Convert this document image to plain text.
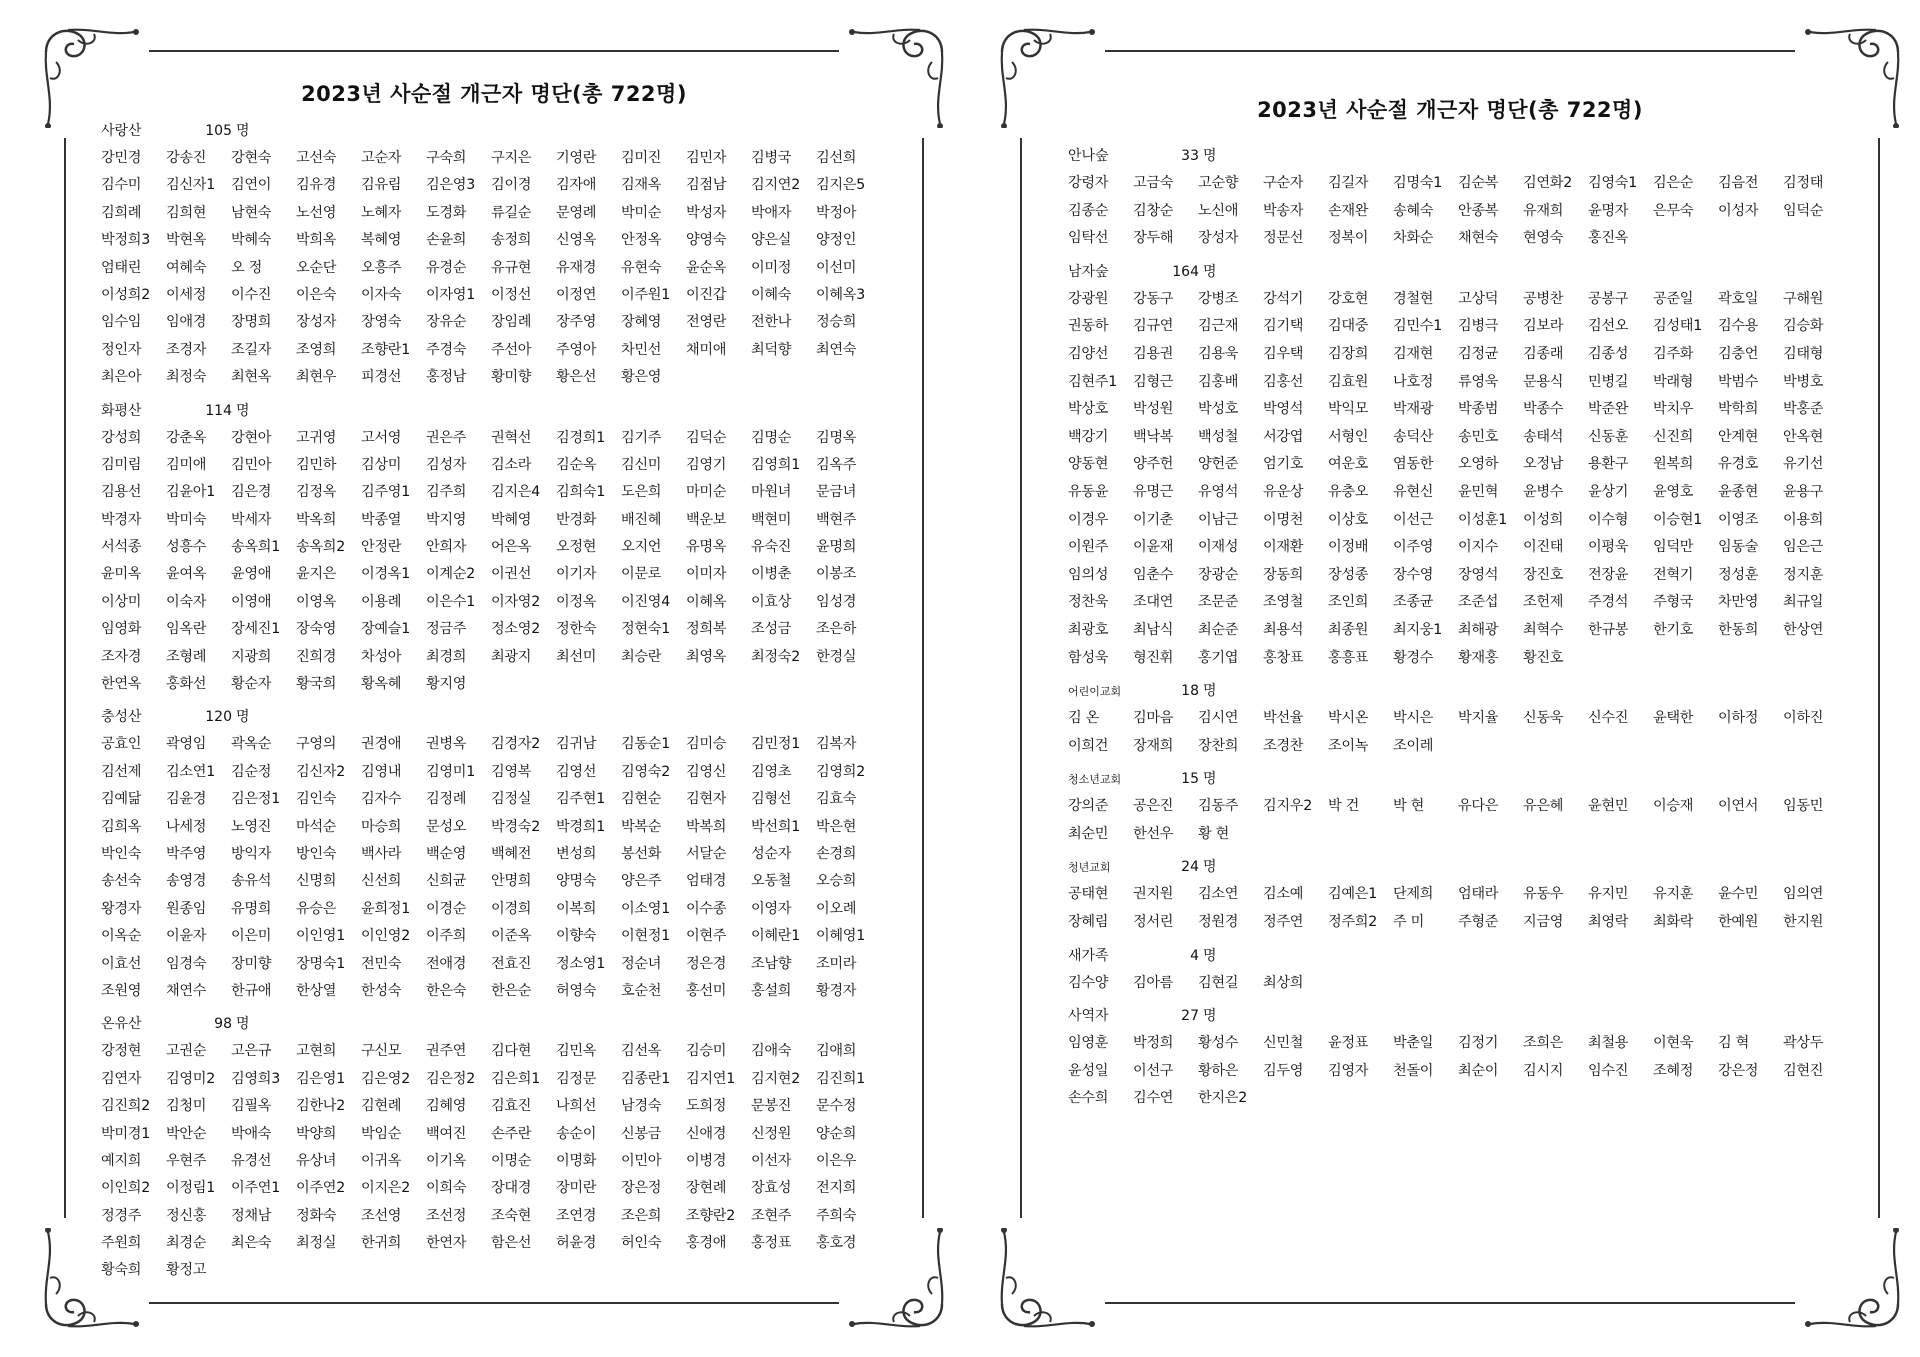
2023년 사순절 개근자 명단(총 722명)
사랑산	105 명
강민경	강송진	강현숙	고선숙	고순자	구숙희	구지은	기영란	김미진	김민자	김병국	김선희
김수미	김신자1	김연이	김유경	김유림	김은영3	김이경	김자애	김재옥	김점남	김지연2	김지은5
김희례	김희현	남현숙	노선영	노혜자	도경화	류길순	문영례	박미순	박성자	박애자	박정아
박정희3	박현옥	박혜숙	박희옥	복혜영	손윤희	송정희	신영옥	안정옥	양영숙	양은실	양정인
엄태린	여혜숙	오 정	오순단	오흥주	유경순	유규현	유재경	유현숙	윤순옥	이미정	이선미
이성희2	이세정	이수진	이은숙	이자숙	이자영1	이정선	이정연	이주원1	이진갑	이혜숙	이혜옥3
임수임	임애경	장명희	장성자	장영숙	장유순	장임례	장주영	장혜영	전영란	전한나	정승희
정인자	조경자	조길자	조영희	조향란1	주경숙	주선아	주영아	차민선	채미애	최덕향	최연숙
최은아	최정숙	최현옥	최현우	피경선	홍정남	황미향	황은선	황은영
화평산	114 명
강성희	강춘옥	강현아	고귀영	고서영	권은주	권혁선	김경희1	김기주	김덕순	김명순	김명옥
김미림	김미애	김민아	김민하	김상미	김성자	김소라	김순옥	김신미	김영기	김영희1	김옥주
김용선	김윤아1	김은경	김정옥	김주영1	김주희	김지은4	김희숙1	도은희	마미순	마원녀	문금녀
박경자	박미숙	박세자	박옥희	박종열	박지영	박혜영	반경화	배진혜	백운보	백현미	백현주
서석종	성흥수	송옥희1	송옥희2	안정란	안희자	어은옥	오정현	오지언	유명옥	유숙진	윤명희
윤미옥	윤여옥	윤영애	윤지은	이경옥1	이계순2	이권선	이기자	이문로	이미자	이병춘	이봉조
이상미	이숙자	이영애	이영옥	이용례	이은수1	이자영2	이정옥	이진영4	이혜옥	이효상	임성경
임영화	임옥란	장세진1	장숙영	장예슬1	정금주	정소영2	정한숙	정현숙1	정희복	조성금	조은하
조자경	조형례	지광희	진희경	차성아	최경희	최광지	최선미	최승란	최영옥	최정숙2	한경실
한연옥	홍화선	황순자	황국희	황옥혜	황지영
충성산	120 명
공효인	곽영임	곽옥순	구영의	권경애	권병옥	김경자2	김귀남	김동순1	김미승	김민정1	김복자
김선제	김소연1	김순정	김신자2	김영내	김영미1	김영복	김영선	김영숙2	김영신	김영초	김영희2
김예닮	김윤경	김은정1	김인숙	김자수	김정례	김정실	김주현1	김현순	김현자	김형선	김효숙
김희옥	나세정	노영진	마석순	마승희	문성오	박경숙2	박경희1	박복순	박복희	박선희1	박은현
박인숙	박주영	방익자	방인숙	백사라	백순영	백혜전	변성희	봉선화	서달순	성순자	손경희
송선숙	송영경	송유석	신명희	신선희	신희균	안명희	양명숙	양은주	엄태경	오동철	오승희
왕경자	원종임	유명희	유승은	윤희정1	이경순	이경희	이복희	이소영1	이수종	이영자	이오례
이옥순	이윤자	이은미	이인영1	이인영2	이주희	이준옥	이향숙	이현정1	이현주	이혜란1	이혜영1
이효선	임경숙	장미향	장명숙1	전민숙	전애경	전효진	정소영1	정순녀	정은경	조남향	조미라
조원영	채연수	한규애	한상열	한성숙	한은숙	한은순	허영숙	호순천	홍선미	홍설희	황경자
온유산	98 명
강정현	고권순	고은규	고현희	구신모	권주연	김다현	김민옥	김선옥	김승미	김애숙	김애희
김연자	김영미2	김영희3	김은영1	김은영2	김은정2	김은희1	김정문	김종란1	김지연1	김지현2	김진희1
김진희2	김청미	김필옥	김한나2	김현례	김혜영	김효진	나희선	남경숙	도희정	문봉진	문수정
박미경1	박안순	박애숙	박양희	박임순	백여진	손주란	송순이	신봉금	신애경	신정원	양순희
예지희	우현주	유경선	유상녀	이귀옥	이기옥	이명순	이명화	이민아	이병경	이선자	이은우
이인희2	이정림1	이주연1	이주연2	이지은2	이희숙	장대경	장미란	장은정	장현례	장효성	전지희
정경주	정신홍	정채남	정화숙	조선영	조선정	조숙현	조연경	조은희	조향란2	조현주	주희숙
주원희	최경순	최은숙	최정실	한귀희	한연자	함은선	허윤경	허인숙	홍경애	홍정표	홍호경
황숙희	황정고
2023년 사순절 개근자 명단(총 722명)
안나숲	33 명
강령자	고금숙	고순향	구순자	김길자	김명숙1	김순복	김연화2	김영숙1	김은순	김음전	김정태
김종순	김창순	노신애	박송자	손재완	송혜숙	안종복	유재희	윤명자	은무숙	이성자	임덕순
임탁선	장두해	장성자	정문선	정복이	차화순	채현숙	현영숙	홍진옥
남자숲	164 명
강광원	강동구	강병조	강석기	강호현	경철현	고상덕	공병찬	공봉구	공준일	곽호일	구해원
권동하	김규연	김근재	김기택	김대중	김민수1	김병극	김보라	김선오	김성태1	김수용	김승화
김양선	김용권	김용욱	김우택	김장희	김재현	김정균	김종래	김종성	김주화	김충언	김태형
김현주1	김형근	김홍배	김홍선	김효원	나호정	류영욱	문용식	민병길	박래형	박범수	박병호
박상호	박성원	박성호	박영석	박익모	박재광	박종범	박종수	박준완	박치우	박학희	박홍준
백강기	백낙복	백성철	서강엽	서형인	송덕산	송민호	송태석	신동훈	신진희	안계현	안옥현
양동현	양주헌	양헌준	엄기호	여운호	염동한	오영하	오정남	용환구	원복희	유경호	유기선
유동윤	유명근	유영석	유운상	유충오	유현신	윤민혁	윤병수	윤상기	윤영호	윤종현	윤용구
이경우	이기춘	이남근	이명천	이상호	이선근	이성훈1	이성희	이수형	이승현1	이영조	이용희
이원주	이윤재	이재성	이재환	이정배	이주영	이지수	이진태	이평욱	임덕만	임동술	임은근
임의성	임춘수	장광순	장동희	장성종	장수영	장영석	장진호	전장윤	전혁기	정성훈	정지훈
정찬욱	조대연	조문준	조영철	조인희	조종균	조준섭	조헌제	주경석	주형국	차만영	최규일
최광호	최남식	최순준	최용석	최종원	최지웅1	최해광	최혁수	한규봉	한기호	한동희	한상연
함성욱	형진휘	홍기엽	홍창표	홍흥표	황경수	황재홍	황진호
어린이교회	18 명
김 온	김마음	김시연	박선율	박시온	박시은	박지율	신동욱	신수진	윤택한	이하정	이하진
이희건	장재희	장찬희	조경찬	조이녹	조이레
청소년교회	15 명
강의준	공은진	김동주	김지우2	박 건	박 현	유다은	유은혜	윤현민	이승재	이연서	임동민
최순민	한선우	황 현
청년교회	24 명
공태현	권지원	김소연	김소예	김예은1	단제희	엄태라	유동우	유지민	유지훈	윤수민	임의연
장혜림	정서린	정원경	정주연	정주희2	주 미	주형준	지금영	최영락	최화락	한예원	한지원
새가족	4 명
김수양	김아름	김현길	최상희
사역자	27 명
임영훈	박정희	황성수	신민철	윤정표	박춘일	김정기	조희은	최철용	이현욱	김 혁	곽상두
윤성일	이선구	황하은	김두영	김영자	천돌이	최순이	김시지	임수진	조혜정	강은정	김현진
손수희	김수연	한지은2
